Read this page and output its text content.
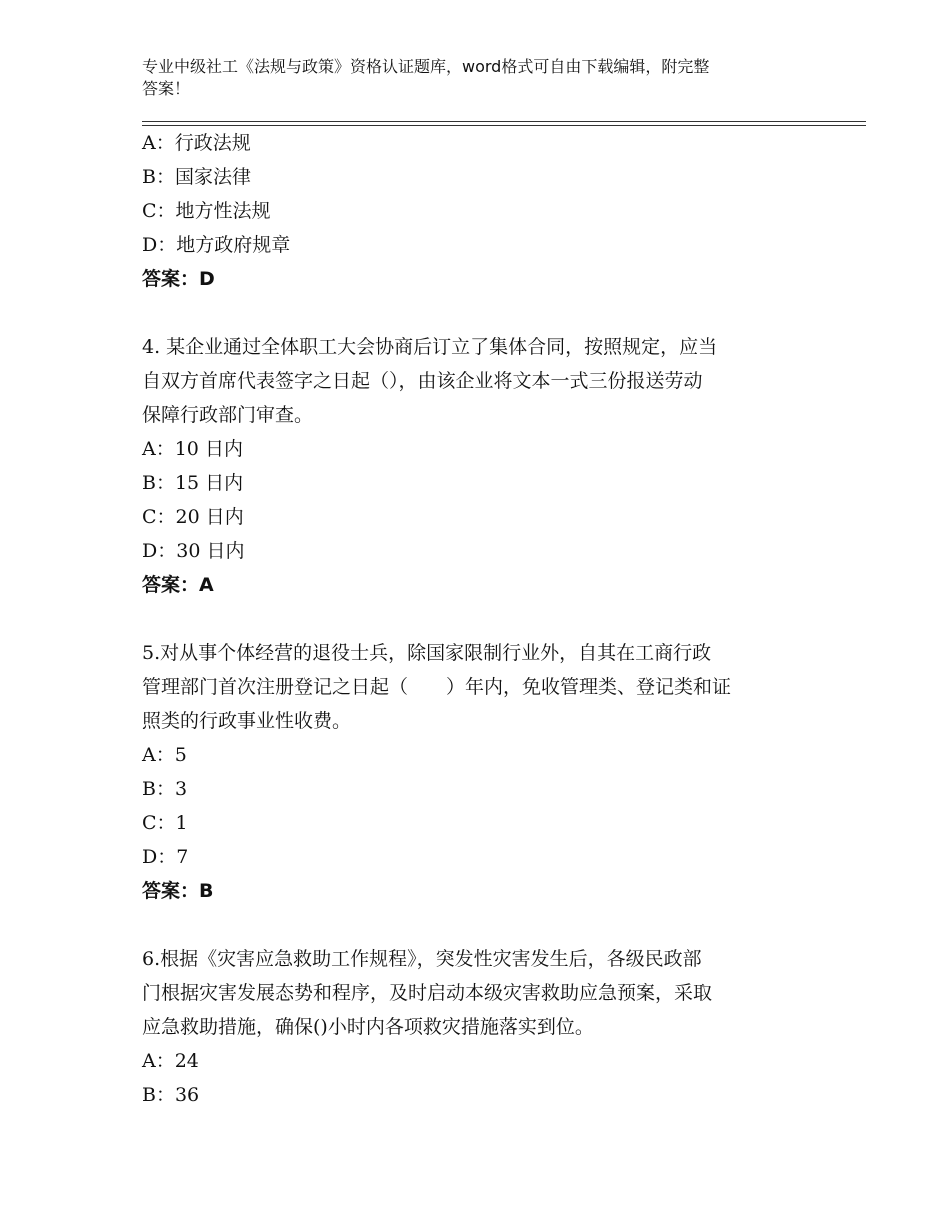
专业中级社工《法规与政策》资格认证题库，word格式可自由下载编辑，附完整
答案！
A：行政法规
B：国家法律
C：地方性法规
D：地方政府规章
答案：D
4. 某企业通过全体职工大会协商后订立了集体合同，按照规定，应当
自双方首席代表签字之日起（），由该企业将文本一式三份报送劳动
保障行政部门审查。
A：10 日内
B：15 日内
C：20 日内
D：30 日内
答案：A
5.对从事个体经营的退役士兵，除国家限制行业外，自其在工商行政
管理部门首次注册登记之日起（　　）年内，免收管理类、登记类和证
照类的行政事业性收费。
A：5
B：3
C：1
D：7
答案：B
6.根据《灾害应急救助工作规程》，突发性灾害发生后，各级民政部
门根据灾害发展态势和程序，及时启动本级灾害救助应急预案，采取
应急救助措施，确保()小时内各项救灾措施落实到位。
A：24
B：36
